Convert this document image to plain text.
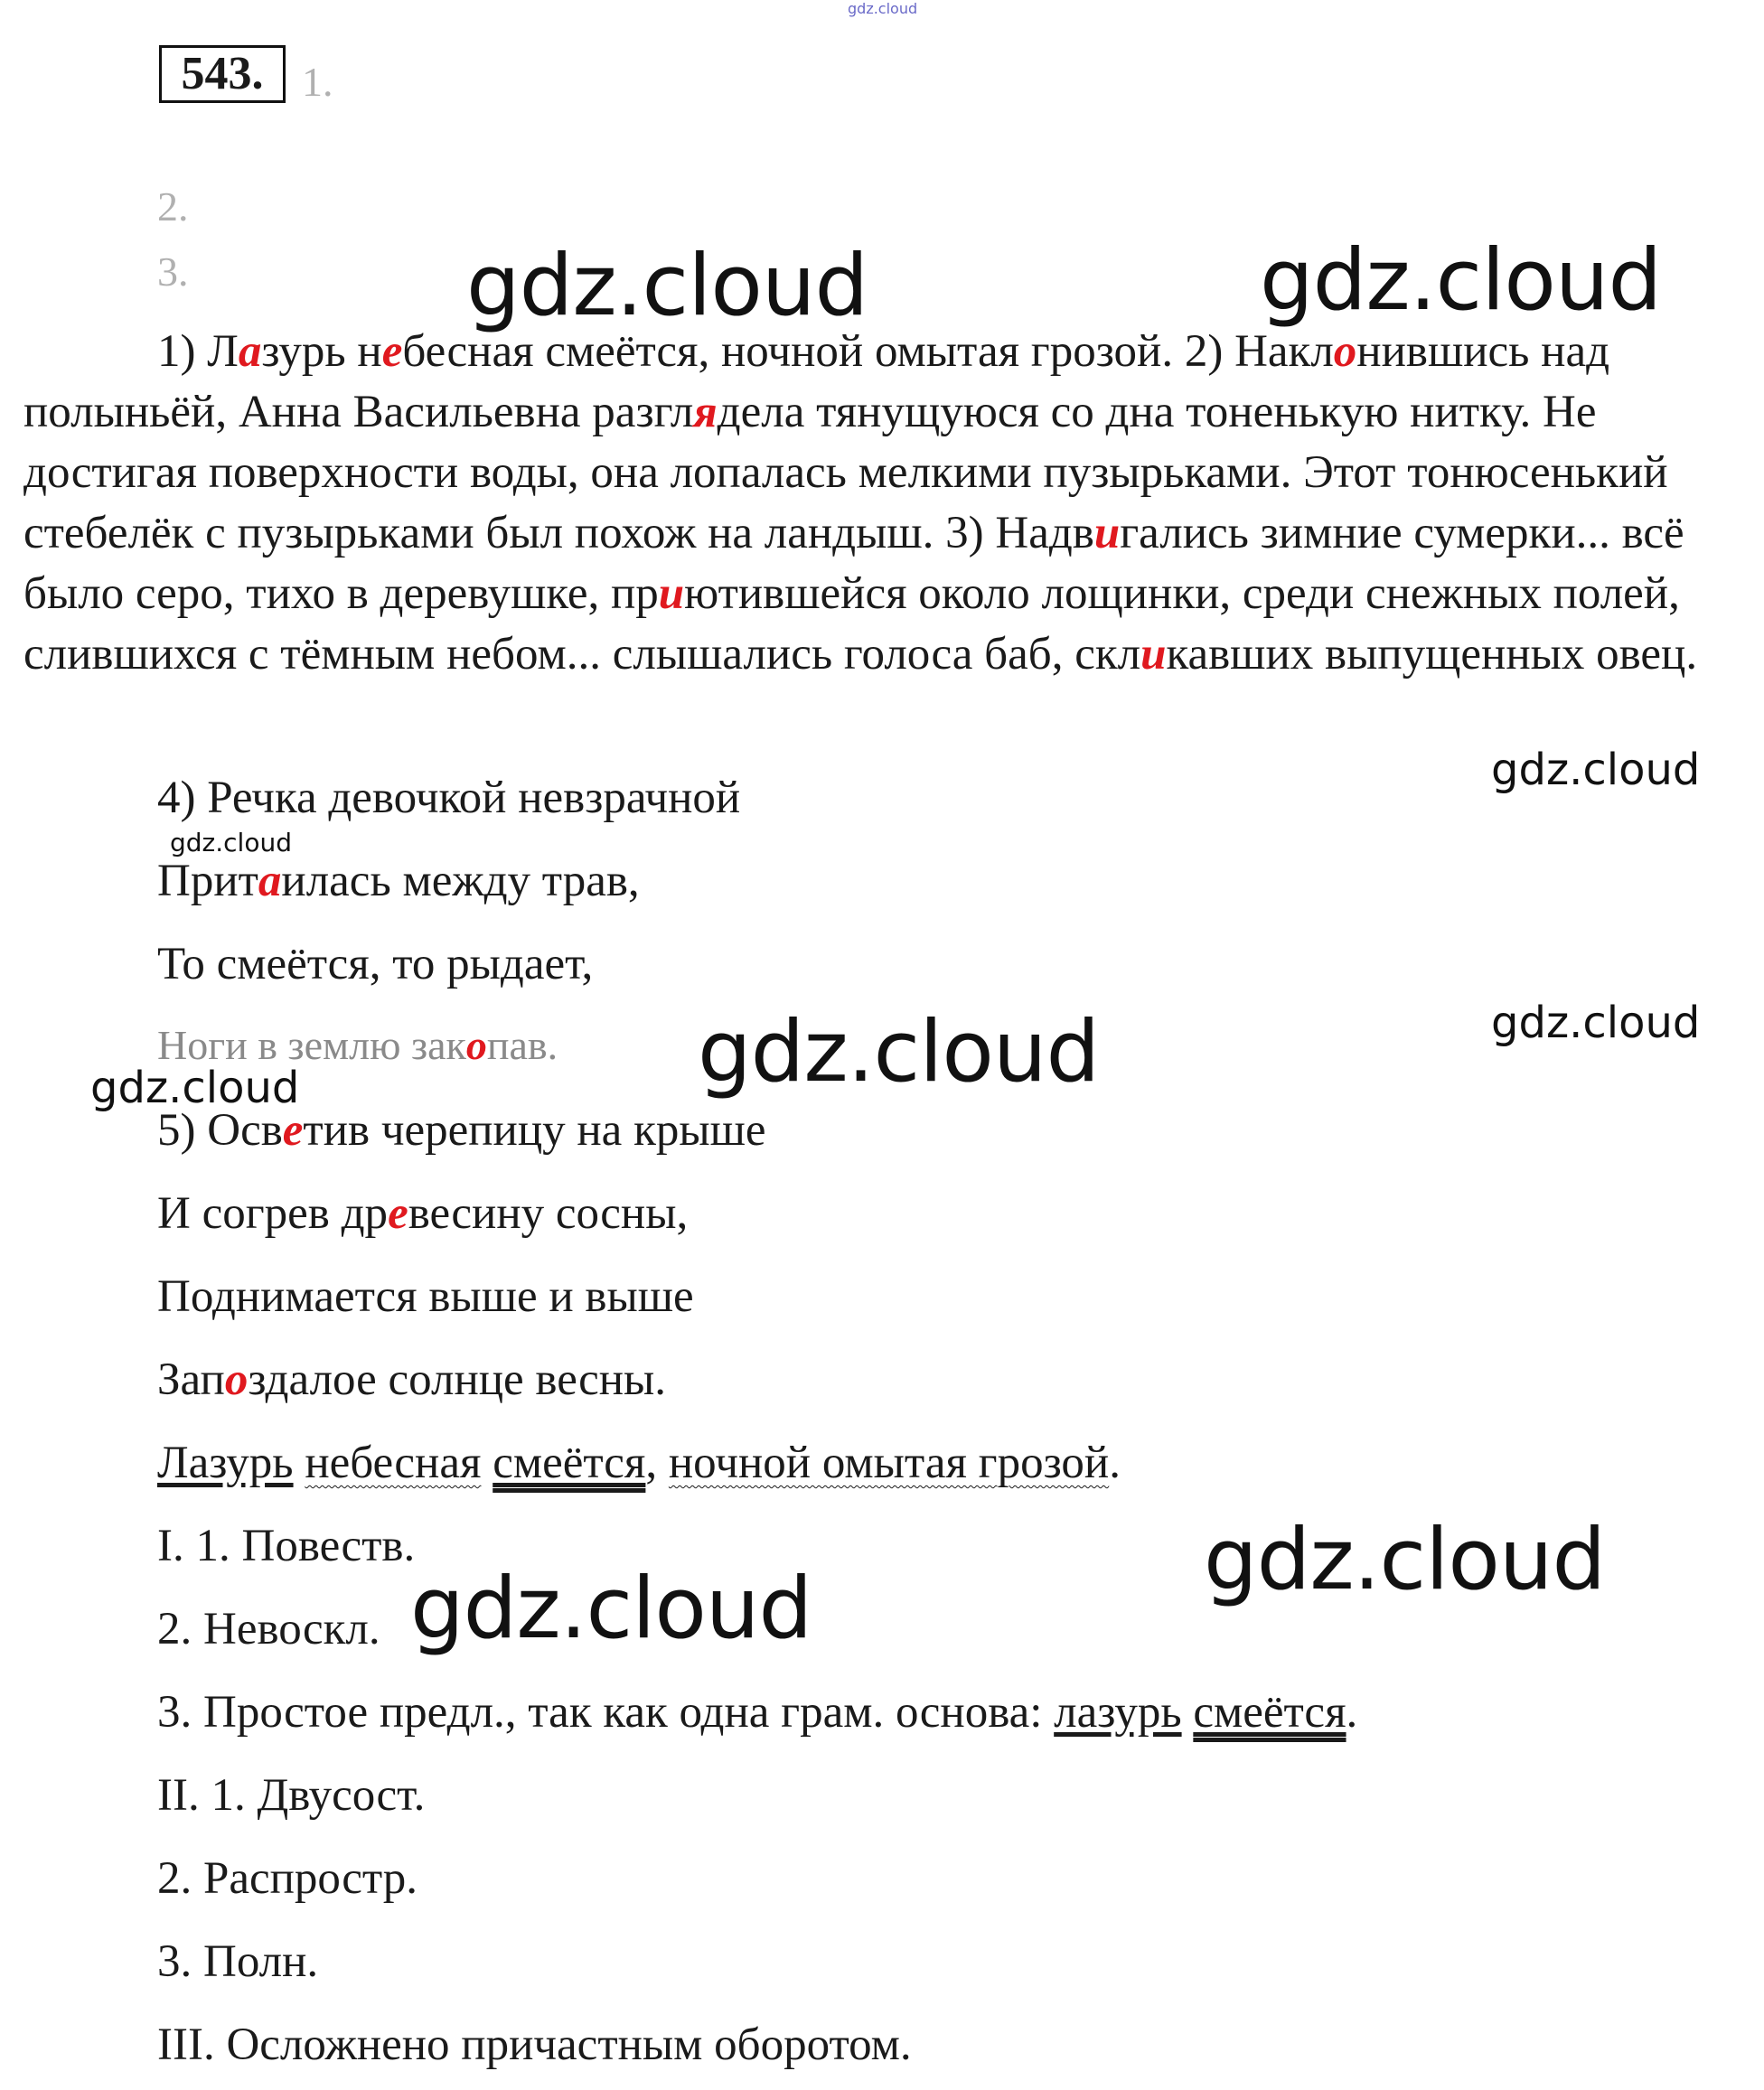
gdz.cloud
543. 1.
2.
3.	gdz.cloud	gdz.cloud
1) Лазурь небесная смеётся, ночной омытая грозой. 2) Наклонившись над полыньёй, Анна Васильевна разглядела тянущуюся со дна тоненькую нитку. Не достигая поверхности воды, она лопалась мелкими пузырьками. Этот тонюсенький стебелёк с пузырьками был похож на ландыш. 3) Надвигались зимние сумерки... всё было серо, тихо в деревушке, приютившейся около лощинки, среди снежных полей, слившихся с тёмным небом... слышались голоса баб, скликавших выпущенных овец.
gdz.cloud
gdz.cloud
4) Речка девочкой невзрачной
Притаилась между трав,
То смеётся, то рыдает,
Ноги в землю закопав.	gdz.cloud
gdz.cloud
gdz.cloud
5) Осветив черепицу на крыше
И согрев древесину сосны,
Поднимается выше и выше
Запоздалое солнце весны.
Лазурь небесная смеётся, ночной омытая грозой.
I. 1. Повеств.	gdz.cloud
2. Невоскл. gdz.cloud
3. Простое предл., так как одна грам. основа: лазурь смеётся.
II. 1. Двусост.
2. Распростр.
3. Полн.
III. Осложнено причастным оборотом.
